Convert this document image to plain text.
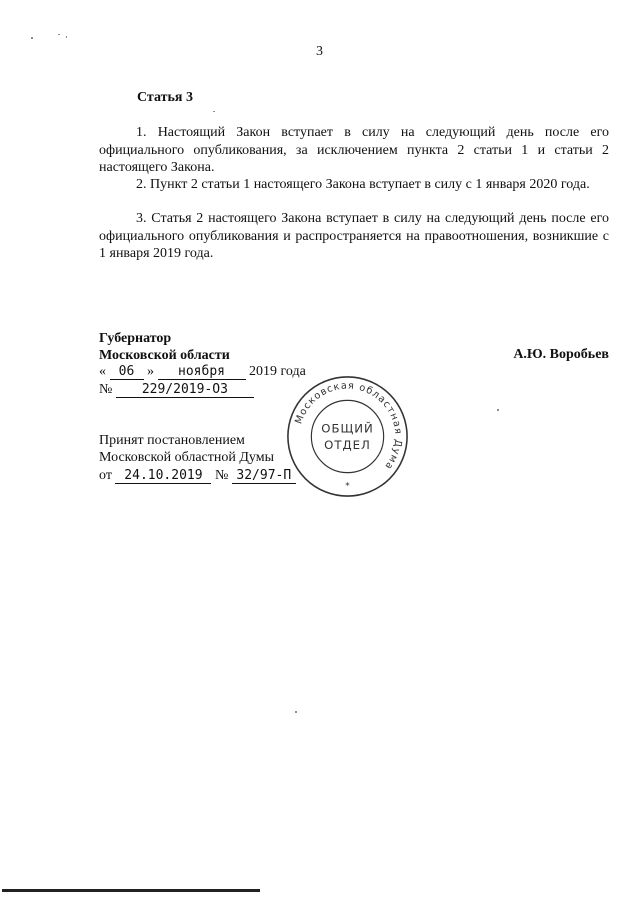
3
Статья 3
1. Настоящий Закон вступает в силу на следующий день после его официального опубликования, за исключением пункта 2 статьи 1 и статьи 2 настоящего Закона.
2. Пункт 2 статьи 1 настоящего Закона вступает в силу с 1 января 2020 года.
3. Статья 2 настоящего Закона вступает в силу на следующий день после его официального опубликования и распространяется на правоотношения, возникшие с 1 января 2019 года.
Губернатор
Московской области	А.Ю. Воробьев
« 06 » ноября 2019 года
№ 229/2019-ОЗ
Принят постановлением
Московской областной Думы
от 24.10.2019 № 32/97-П
Московская областная Дума
ОБЩИЙ
ОТДЕЛ
*
